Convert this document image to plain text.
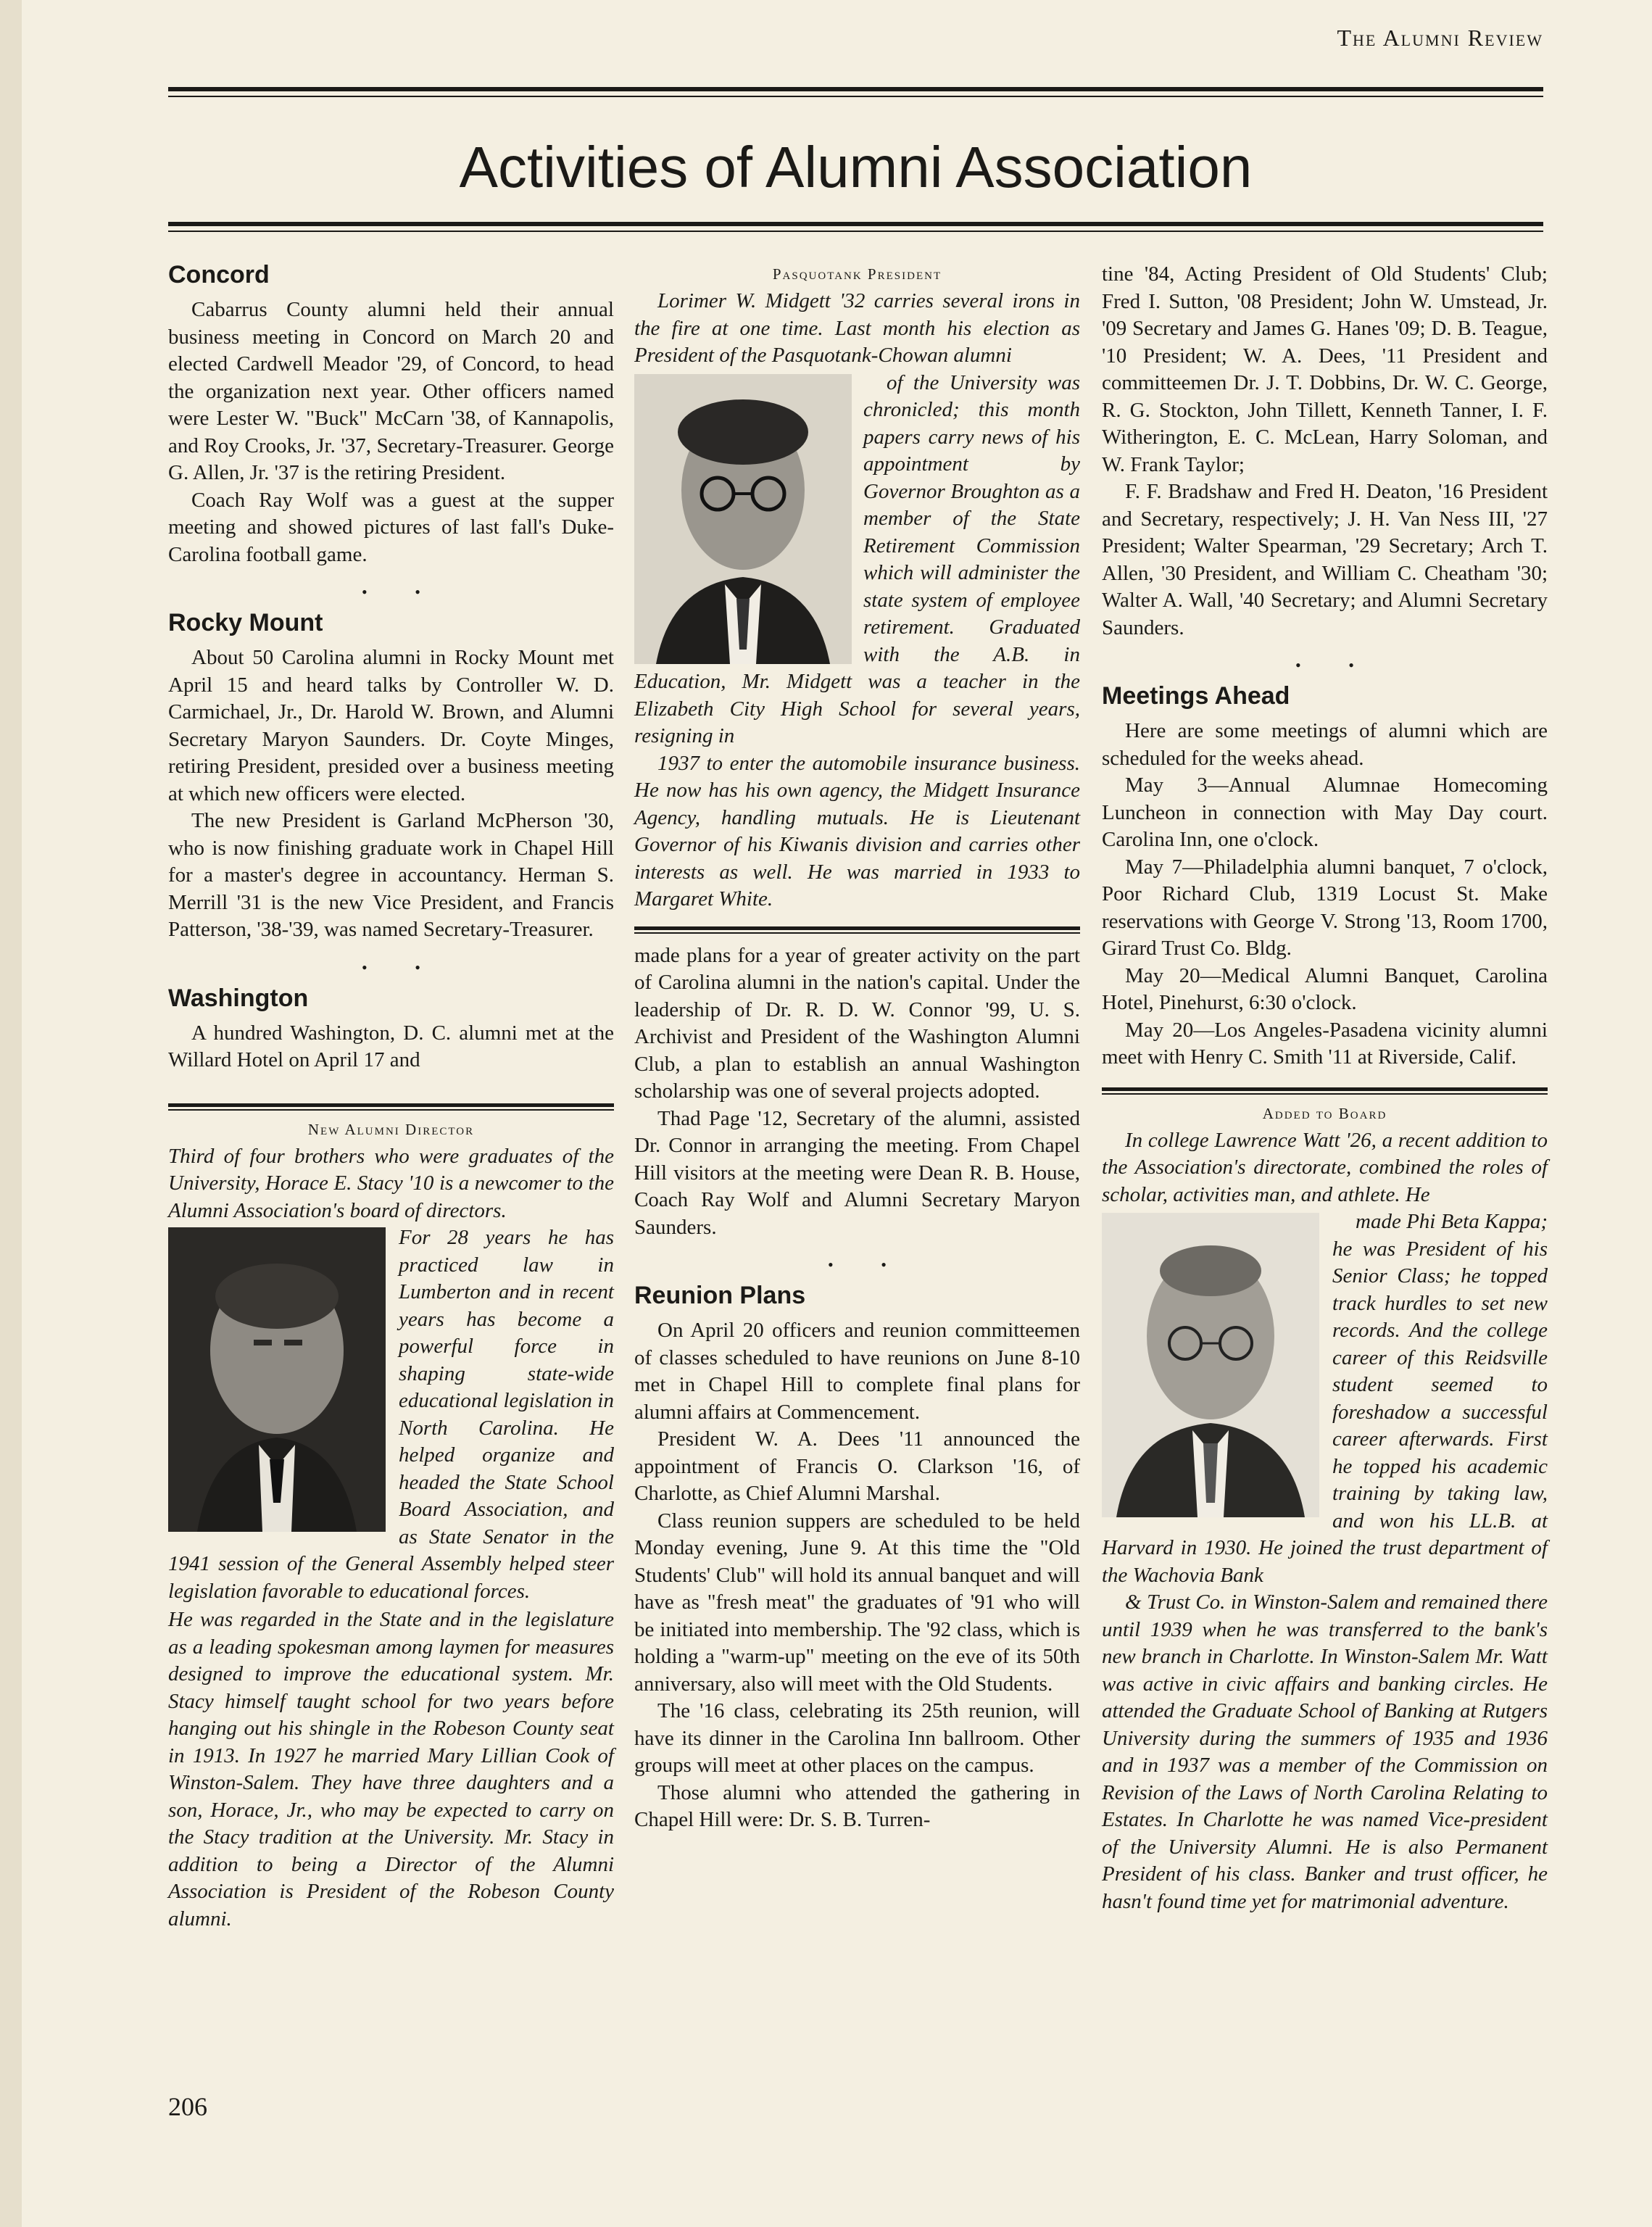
The Alumni Review
Activities of Alumni Association
Concord

Cabarrus County alumni held their annual business meeting in Concord on March 20 and elected Cardwell Meador '29, of Concord, to head the organization next year. Other officers named were Lester W. "Buck" McCarn '38, of Kannapolis, and Roy Crooks, Jr. '37, Secretary-Treasurer. George G. Allen, Jr. '37 is the retiring President.

Coach Ray Wolf was a guest at the supper meeting and showed pictures of last fall's Duke-Carolina football game.

• •
Rocky Mount

About 50 Carolina alumni in Rocky Mount met April 15 and heard talks by Controller W. D. Carmichael, Jr., Dr. Harold W. Brown, and Alumni Secretary Maryon Saunders. Dr. Coyte Minges, retiring President, presided over a business meeting at which new officers were elected.

The new President is Garland McPherson '30, who is now finishing graduate work in Chapel Hill for a master's degree in accountancy. Herman S. Merrill '31 is the new Vice President, and Francis Patterson, '38-'39, was named Secretary-Treasurer.

• •
Washington

A hundred Washington, D. C. alumni met at the Willard Hotel on April 17 and

New Alumni Director

Third of four brothers who were graduates of the University, Horace E. Stacy '10 is a newcomer to the Alumni Association's board of directors.

For 28 years he has practiced law in Lumberton and in recent years has become a powerful force in shaping state-wide educational legislation in North Carolina. He helped organize and headed the State School Board Association, and as State Senator in the 1941 session of the General Assembly helped steer legislation favorable to educational forces.

He was regarded in the State and in the legislature as a leading spokesman among laymen for measures designed to improve the educational system. Mr. Stacy himself taught school for two years before hanging out his shingle in the Robeson County seat in 1913. In 1927 he married Mary Lillian Cook of Winston-Salem. They have three daughters and a son, Horace, Jr., who may be expected to carry on the Stacy tradition at the University. Mr. Stacy in addition to being a Director of the Alumni Association is President of the Robeson County alumni.

Pasquotank President

Lorimer W. Midgett '32 carries several irons in the fire at one time. Last month his election as President of the Pasquotank-Chowan alumni

of the University was chronicled; this month papers carry news of his appointment by Governor Broughton as a member of the State Retirement Commission which will administer the state system of employee retirement. Graduated with the A.B. in Education, Mr. Midgett was a teacher in the Elizabeth City High School for several years, resigning in

1937 to enter the automobile insurance business. He now has his own agency, the Midgett Insurance Agency, handling mutuals. He is Lieutenant Governor of his Kiwanis division and carries other interests as well. He was married in 1933 to Margaret White.

made plans for a year of greater activity on the part of Carolina alumni in the nation's capital. Under the leadership of Dr. R. D. W. Connor '99, U. S. Archivist and President of the Washington Alumni Club, a plan to establish an annual Washington scholarship was one of several projects adopted.

Thad Page '12, Secretary of the alumni, assisted Dr. Connor in arranging the meeting. From Chapel Hill visitors at the meeting were Dean R. B. House, Coach Ray Wolf and Alumni Secretary Maryon Saunders.

• •
Reunion Plans

On April 20 officers and reunion committeemen of classes scheduled to have reunions on June 8-10 met in Chapel Hill to complete final plans for alumni affairs at Commencement.

President W. A. Dees '11 announced the appointment of Francis O. Clarkson '16, of Charlotte, as Chief Alumni Marshal.

Class reunion suppers are scheduled to be held Monday evening, June 9. At this time the "Old Students' Club" will hold its annual banquet and will have as "fresh meat" the graduates of '91 who will be initiated into membership. The '92 class, which is holding a "warm-up" meeting on the eve of its 50th anniversary, also will meet with the Old Students.

The '16 class, celebrating its 25th reunion, will have its dinner in the Carolina Inn ballroom. Other groups will meet at other places on the campus.

Those alumni who attended the gathering in Chapel Hill were: Dr. S. B. Turren-

tine '84, Acting President of Old Students' Club; Fred I. Sutton, '08 President; John W. Umstead, Jr. '09 Secretary and James G. Hanes '09; D. B. Teague, '10 President; W. A. Dees, '11 President and committeemen Dr. J. T. Dobbins, Dr. W. C. George, R. G. Stockton, John Tillett, Kenneth Tanner, I. F. Witherington, E. C. McLean, Harry Soloman, and W. Frank Taylor;

F. F. Bradshaw and Fred H. Deaton, '16 President and Secretary, respectively; J. H. Van Ness III, '27 President; Walter Spearman, '29 Secretary; Arch T. Allen, '30 President, and William C. Cheatham '30; Walter A. Wall, '40 Secretary; and Alumni Secretary Saunders.

• •
Meetings Ahead

Here are some meetings of alumni which are scheduled for the weeks ahead.

May 3—Annual Alumnae Homecoming Luncheon in connection with May Day court. Carolina Inn, one o'clock.

May 7—Philadelphia alumni banquet, 7 o'clock, Poor Richard Club, 1319 Locust St. Make reservations with George V. Strong '13, Room 1700, Girard Trust Co. Bldg.

May 20—Medical Alumni Banquet, Carolina Hotel, Pinehurst, 6:30 o'clock.

May 20—Los Angeles-Pasadena vicinity alumni meet with Henry C. Smith '11 at Riverside, Calif.

Added to Board

In college Lawrence Watt '26, a recent addition to the Association's directorate, combined the roles of scholar, activities man, and athlete. He

made Phi Beta Kappa; he was President of his Senior Class; he topped track hurdles to set new records. And the college career of this Reidsville student seemed to foreshadow a successful career afterwards. First he topped his academic training by taking law, and won his LL.B. at Harvard in 1930. He joined the trust department of the Wachovia Bank

& Trust Co. in Winston-Salem and remained there until 1939 when he was transferred to the bank's new branch in Charlotte. In Winston-Salem Mr. Watt was active in civic affairs and banking circles. He attended the Graduate School of Banking at Rutgers University during the summers of 1935 and 1936 and in 1937 was a member of the Commission on Revision of the Laws of North Carolina Relating to Estates. In Charlotte he was named Vice-president of the University Alumni. He is also Permanent President of his class. Banker and trust officer, he hasn't found time yet for matrimonial adventure.

206
